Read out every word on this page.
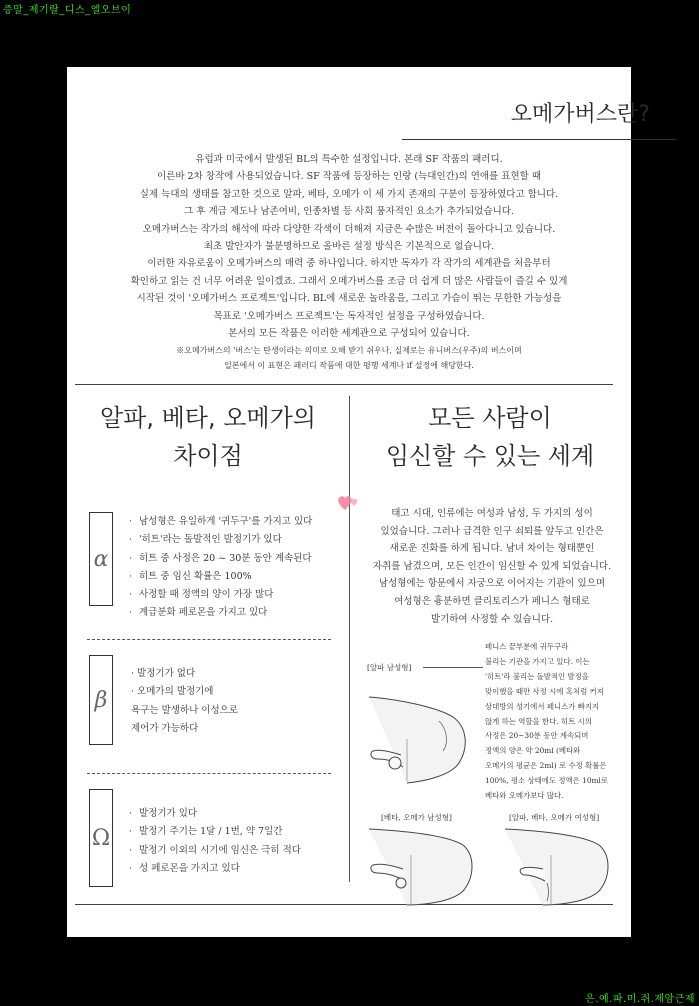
증말_제기랄_디스_엘오브이
오메가버스란?

유럽과 미국에서 발생된 BL의 특수한 설정입니다. 본래 SF 작품의 패러디.

이른바 2차 창작에 사용되었습니다. SF 작품에 등장하는 인랑 (늑대인간)의 연애를 표현할 때

실제 늑대의 생태를 참고한 것으로 알파, 베타, 오메가 이 세 가지 존재의 구분이 등장하였다고 합니다.

그 후 계급 제도나 남존여비, 인종차별 등 사회 풍자적인 요소가 추가되었습니다.

오메가버스는 작가의 해석에 따라 다양한 각색이 더해져 지금은 수많은 버전이 돌아다니고 있습니다.

최초 발안자가 불분명하므로 올바른 설정 방식은 기본적으로 없습니다.

이러한 자유로움이 오메가버스의 매력 중 하나입니다. 하지만 독자가 각 작가의 세계관을 처음부터

확인하고 읽는 건 너무 어려운 일이겠죠. 그래서 오메가버스를 조금 더 쉽게 더 많은 사람들이 즐길 수 있게

시작된 것이 '오메가버스 프로젝트'입니다. BL에 새로운 놀라움을, 그리고 가슴이 뛰는 무한한 가능성을

목표로 '오메가버스 프로젝트'는 독자적인 설정을 구성하였습니다.

본서의 모든 작품은 이러한 세계관으로 구성되어 있습니다.

※오메가버스의 '버스'는 탄생이라는 의미로 오해 받기 쉬우나, 실제로는 유니버스(우주)의 버스이며

일본에서 이 표현은 패러디 작품에 대한 평행 세계나 if 설정에 해당한다.

알파, 베타, 오메가의
차이점
모든 사람이
임신할 수 있는 세계
α
· 남성형은 유일하게 '귀두구'를 가지고 있다
· '히트'라는 돌발적인 발정기가 있다
· 히트 중 사정은 20 ~ 30분 동안 계속된다
· 히트 중 임신 확률은 100%
· 사정할 때 정액의 양이 가장 많다
· 계급분화 페로몬을 가지고 있다
β
· 발정기가 없다
· 오메가의 발정기에
욕구는 발생하나 이성으로
제어가 가능하다
Ω
· 발정기가 있다
· 발정기 주기는 1달 / 1번, 약 7일간
· 발정기 이외의 시기에 임신은 극히 적다
· 성 페로몬을 가지고 있다

태고 시대, 인류에는 여성과 남성, 두 가지의 성이

있었습니다. 그러나 급격한 인구 쇠퇴를 앞두고 인간은

새로운 진화를 하게 됩니다. 남녀 차이는 형태뿐인

자취를 남겼으며, 모든 인간이 임신할 수 있게 되었습니다.

남성형에는 항문에서 자궁으로 이어지는 기관이 있으며

여성형은 흉분하면 클리토리스가 페니스 형태로

발기하여 사정할 수 있습니다.

[알파 남성형]

페니스 끝부분에 귀두구라

불리는 기관을 가지고 있다. 이는

'히트'라 불리는 돌발적인 발정을

맞이했을 때만 사정 시에 혹처럼 커져

상대방의 성기에서 페니스가 빠지지

않게 하는 역할을 한다. 히트 시의

사정은 20~30분 동안 계속되며

정액의 양은 약 20ml (베타와

오메가의 평균은 2ml) 로 수정 확률은

100%, 평소 상태에도 정액은 10ml로

베타와 오메가보다 많다.

[베타, 오메가 남성형]	[알파, 베타, 오메가 여성형]
은.예.파.미.쥐.제암근제
